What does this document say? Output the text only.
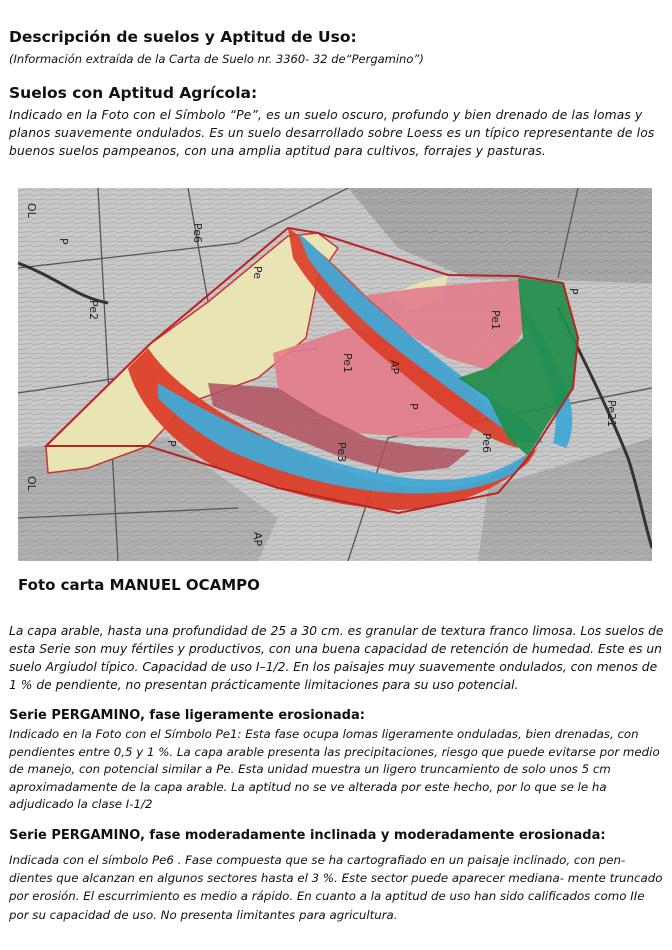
Descripción de suelos y Aptitud de Uso:
(Información extraída de la Carta de Suelo nr. 3360- 32 de“Pergamino”)
Suelos con Aptitud Agrícola:
Indicado en la Foto con el Símbolo “Pe”, es un suelo oscuro, profundo y bien drenado de las lomas y planos suavemente ondulados. Es un suelo desarrollado sobre Loess es un típico representante de los buenos suelos pampeanos, con una amplia aptitud para cultivos, forrajes y pasturas.
Pe6
Pe
Pe2	Pe1
Pe1	AP
Pe21
Pe6
Pe3
AP
P
P
P
P
OL
OL
Foto carta MANUEL OCAMPO
La capa arable, hasta una profundidad de 25 a 30 cm. es granular de textura franco limosa. Los suelos de esta Serie son muy fértiles y productivos, con una buena capacidad de retención de humedad. Este es un suelo Argiudol típico. Capacidad de uso I–1/2. En los paisajes muy suavemente ondulados, con menos de 1 % de pendiente, no presentan prácticamente limitaciones para su uso potencial.
Serie PERGAMINO, fase ligeramente erosionada:
Indicado en la Foto con el Símbolo Pe1: Esta fase ocupa lomas ligeramente onduladas, bien drenadas, con pendientes entre 0,5 y 1 %. La capa arable presenta las precipitaciones, riesgo que puede evitarse por medio de manejo, con potencial similar a Pe. Esta unidad muestra un ligero truncamiento de solo unos 5 cm aproximadamente de la capa arable. La aptitud no se ve alterada por este hecho, por lo que se le ha adjudicado la clase I-1/2
Serie PERGAMINO, fase moderadamente inclinada y moderadamente erosionada:
Indicada con el símbolo Pe6 . Fase compuesta que se ha cartografiado en un paisaje inclinado, con pen- dientes que alcanzan en algunos sectores hasta el 3 %. Este sector puede aparecer mediana- mente truncado por erosión. El escurrimiento es medio a rápido. En cuanto a la aptitud de uso han sido calificados como IIe por su capacidad de uso. No presenta limitantes para agricultura.
